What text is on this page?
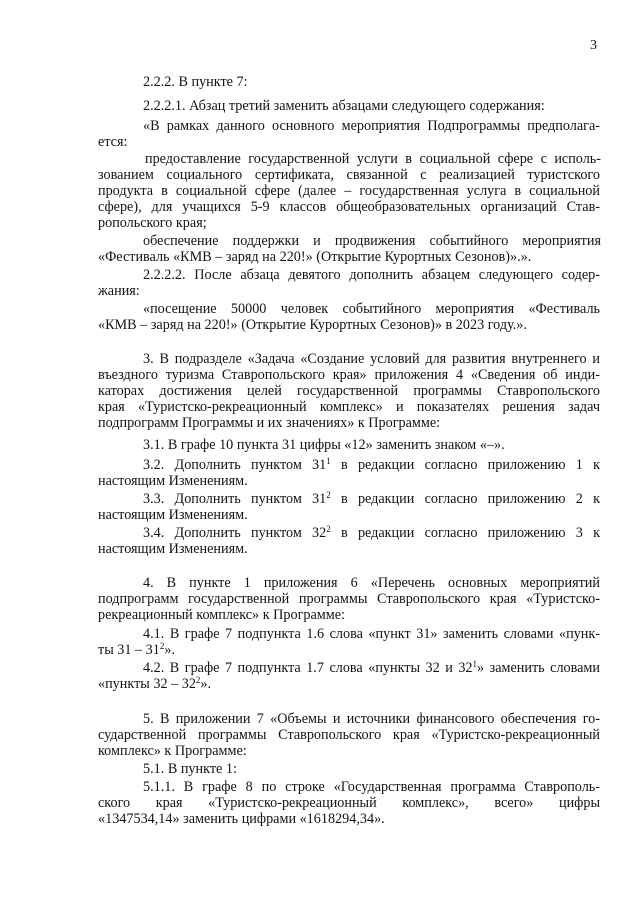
3
2.2.2. В пункте 7:
2.2.2.1. Абзац третий заменить абзацами следующего содержания:
«В рамках данного основного мероприятия Подпрограммы предполага-
ется:
предоставление государственной услуги в социальной сфере с исполь-
зованием социального сертификата, связанной с реализацией туристского
продукта в социальной сфере (далее – государственная услуга в социальной
сфере), для учащихся 5-9 классов общеобразовательных организаций Став-
ропольского края;
обеспечение поддержки и продвижения событийного мероприятия
«Фестиваль «КМВ – заряд на 220!» (Открытие Курортных Сезонов)».».
2.2.2.2. После абзаца девятого дополнить абзацем следующего содер-
жания:
«посещение 50000 человек событийного мероприятия «Фестиваль
«КМВ – заряд на 220!» (Открытие Курортных Сезонов)» в 2023 году.».
3. В подразделе «Задача «Создание условий для развития внутреннего и
въездного туризма Ставропольского края» приложения 4 «Сведения об инди-
каторах достижения целей государственной программы Ставропольского
края «Туристско-рекреационный комплекс» и показателях решения задач
подпрограмм Программы и их значениях» к Программе:
3.1. В графе 10 пункта 31 цифры «12» заменить знаком «–».
3.2. Дополнить пунктом $31^1$ в редакции согласно приложению 1 к
настоящим Изменениям.
3.3. Дополнить пунктом $31^2$ в редакции согласно приложению 2 к
настоящим Изменениям.
3.4. Дополнить пунктом $32^2$ в редакции согласно приложению 3 к
настоящим Изменениям.
4. В пункте 1 приложения 6 «Перечень основных мероприятий
подпрограмм государственной программы Ставропольского края «Туристско-
рекреационный комплекс» к Программе:
4.1. В графе 7 подпункта 1.6 слова «пункт 31» заменить словами «пунк-
ты $31 - 31^2$».
4.2. В графе 7 подпункта 1.7 слова «пункты 32 и $32^1$» заменить словами
«пункты $32 - 32^2$».
5. В приложении 7 «Объемы и источники финансового обеспечения го-
сударственной программы Ставропольского края «Туристско-рекреационный
комплекс» к Программе:
5.1. В пункте 1:
5.1.1. В графе 8 по строке «Государственная программа Ставрополь-
ского края «Туристско-рекреационный комплекс», всего» цифры
«1347534,14» заменить цифрами «1618294,34».
